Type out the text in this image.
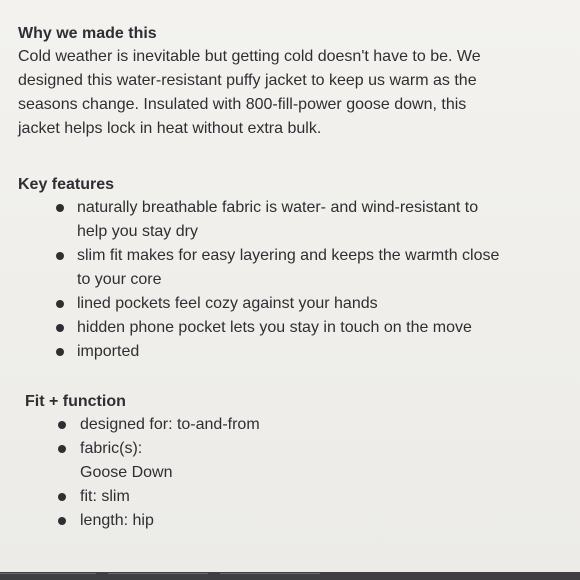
Why we made this
Cold weather is inevitable but getting cold doesn't have to be. We
designed this water-resistant puffy jacket to keep us warm as the
seasons change. Insulated with 800-fill-power goose down, this
jacket helps lock in heat without extra bulk.
Key features
naturally breathable fabric is water- and wind-resistant to
help you stay dry
slim fit makes for easy layering and keeps the warmth close
to your core
lined pockets feel cozy against your hands
hidden phone pocket lets you stay in touch on the move
imported
Fit + function
designed for: to-and-from
fabric(s):
Goose Down
fit: slim
length: hip
